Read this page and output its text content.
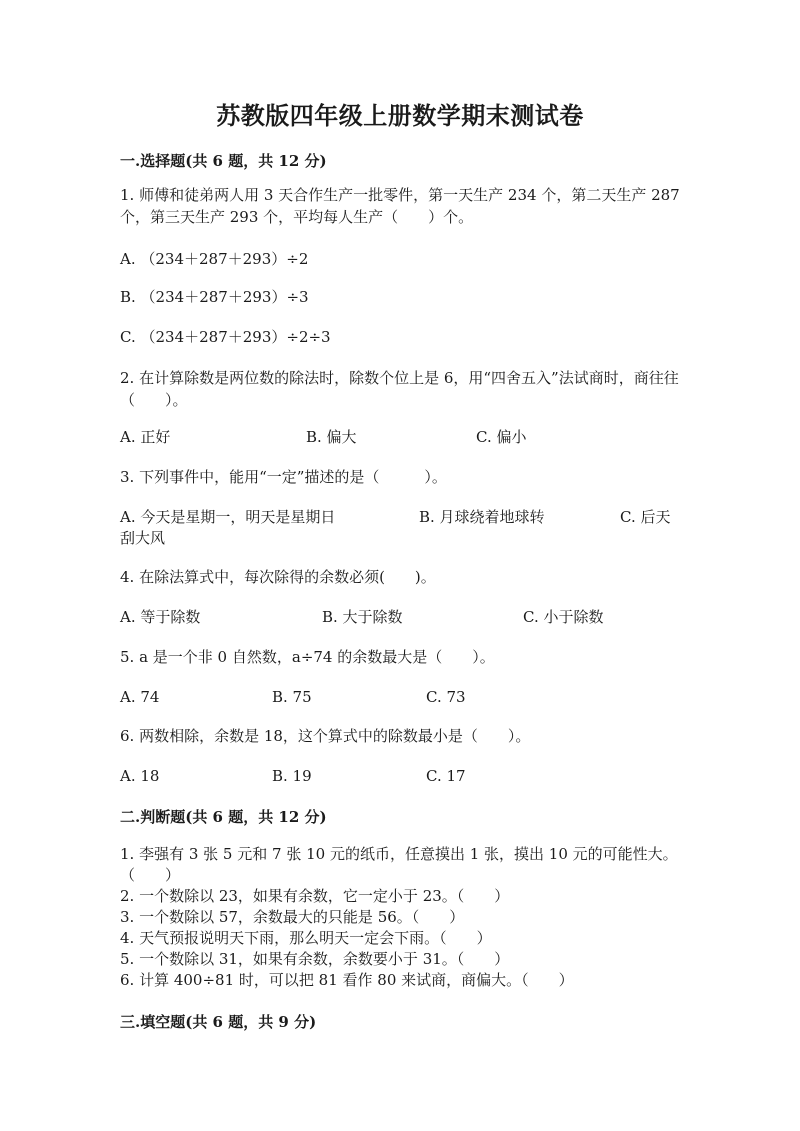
苏教版四年级上册数学期末测试卷
一.选择题(共 6 题，共 12 分)
1. 师傅和徒弟两人用 3 天合作生产一批零件，第一天生产 234 个，第二天生产 287 个，第三天生产 293 个，平均每人生产（　　）个。
A. （234＋287＋293）÷2
B. （234＋287＋293）÷3
C. （234＋287＋293）÷2÷3
2. 在计算除数是两位数的除法时，除数个位上是 6，用“四舍五入”法试商时，商往往（　　）。
A. 正好	B. 偏大	C. 偏小
3. 下列事件中，能用“一定”描述的是（　　　）。
A. 今天是星期一，明天是星期日	B. 月球绕着地球转	C. 后天
刮大风
4. 在除法算式中，每次除得的余数必须(　　)。
A. 等于除数	B. 大于除数	C. 小于除数
5. a 是一个非 0 自然数，a÷74 的余数最大是（　　）。
A. 74	B. 75	C. 73
6. 两数相除，余数是 18，这个算式中的除数最小是（　　）。
A. 18	B. 19	C. 17
二.判断题(共 6 题，共 12 分)
1. 李强有 3 张 5 元和 7 张 10 元的纸币，任意摸出 1 张，摸出 10 元的可能性大。（　　）
2. 一个数除以 23，如果有余数，它一定小于 23。（　　）
3. 一个数除以 57，余数最大的只能是 56。（　　）
4. 天气预报说明天下雨，那么明天一定会下雨。（　　）
5. 一个数除以 31，如果有余数，余数要小于 31。（　　）
6. 计算 400÷81 时，可以把 81 看作 80 来试商，商偏大。（　　）
三.填空题(共 6 题，共 9 分)
